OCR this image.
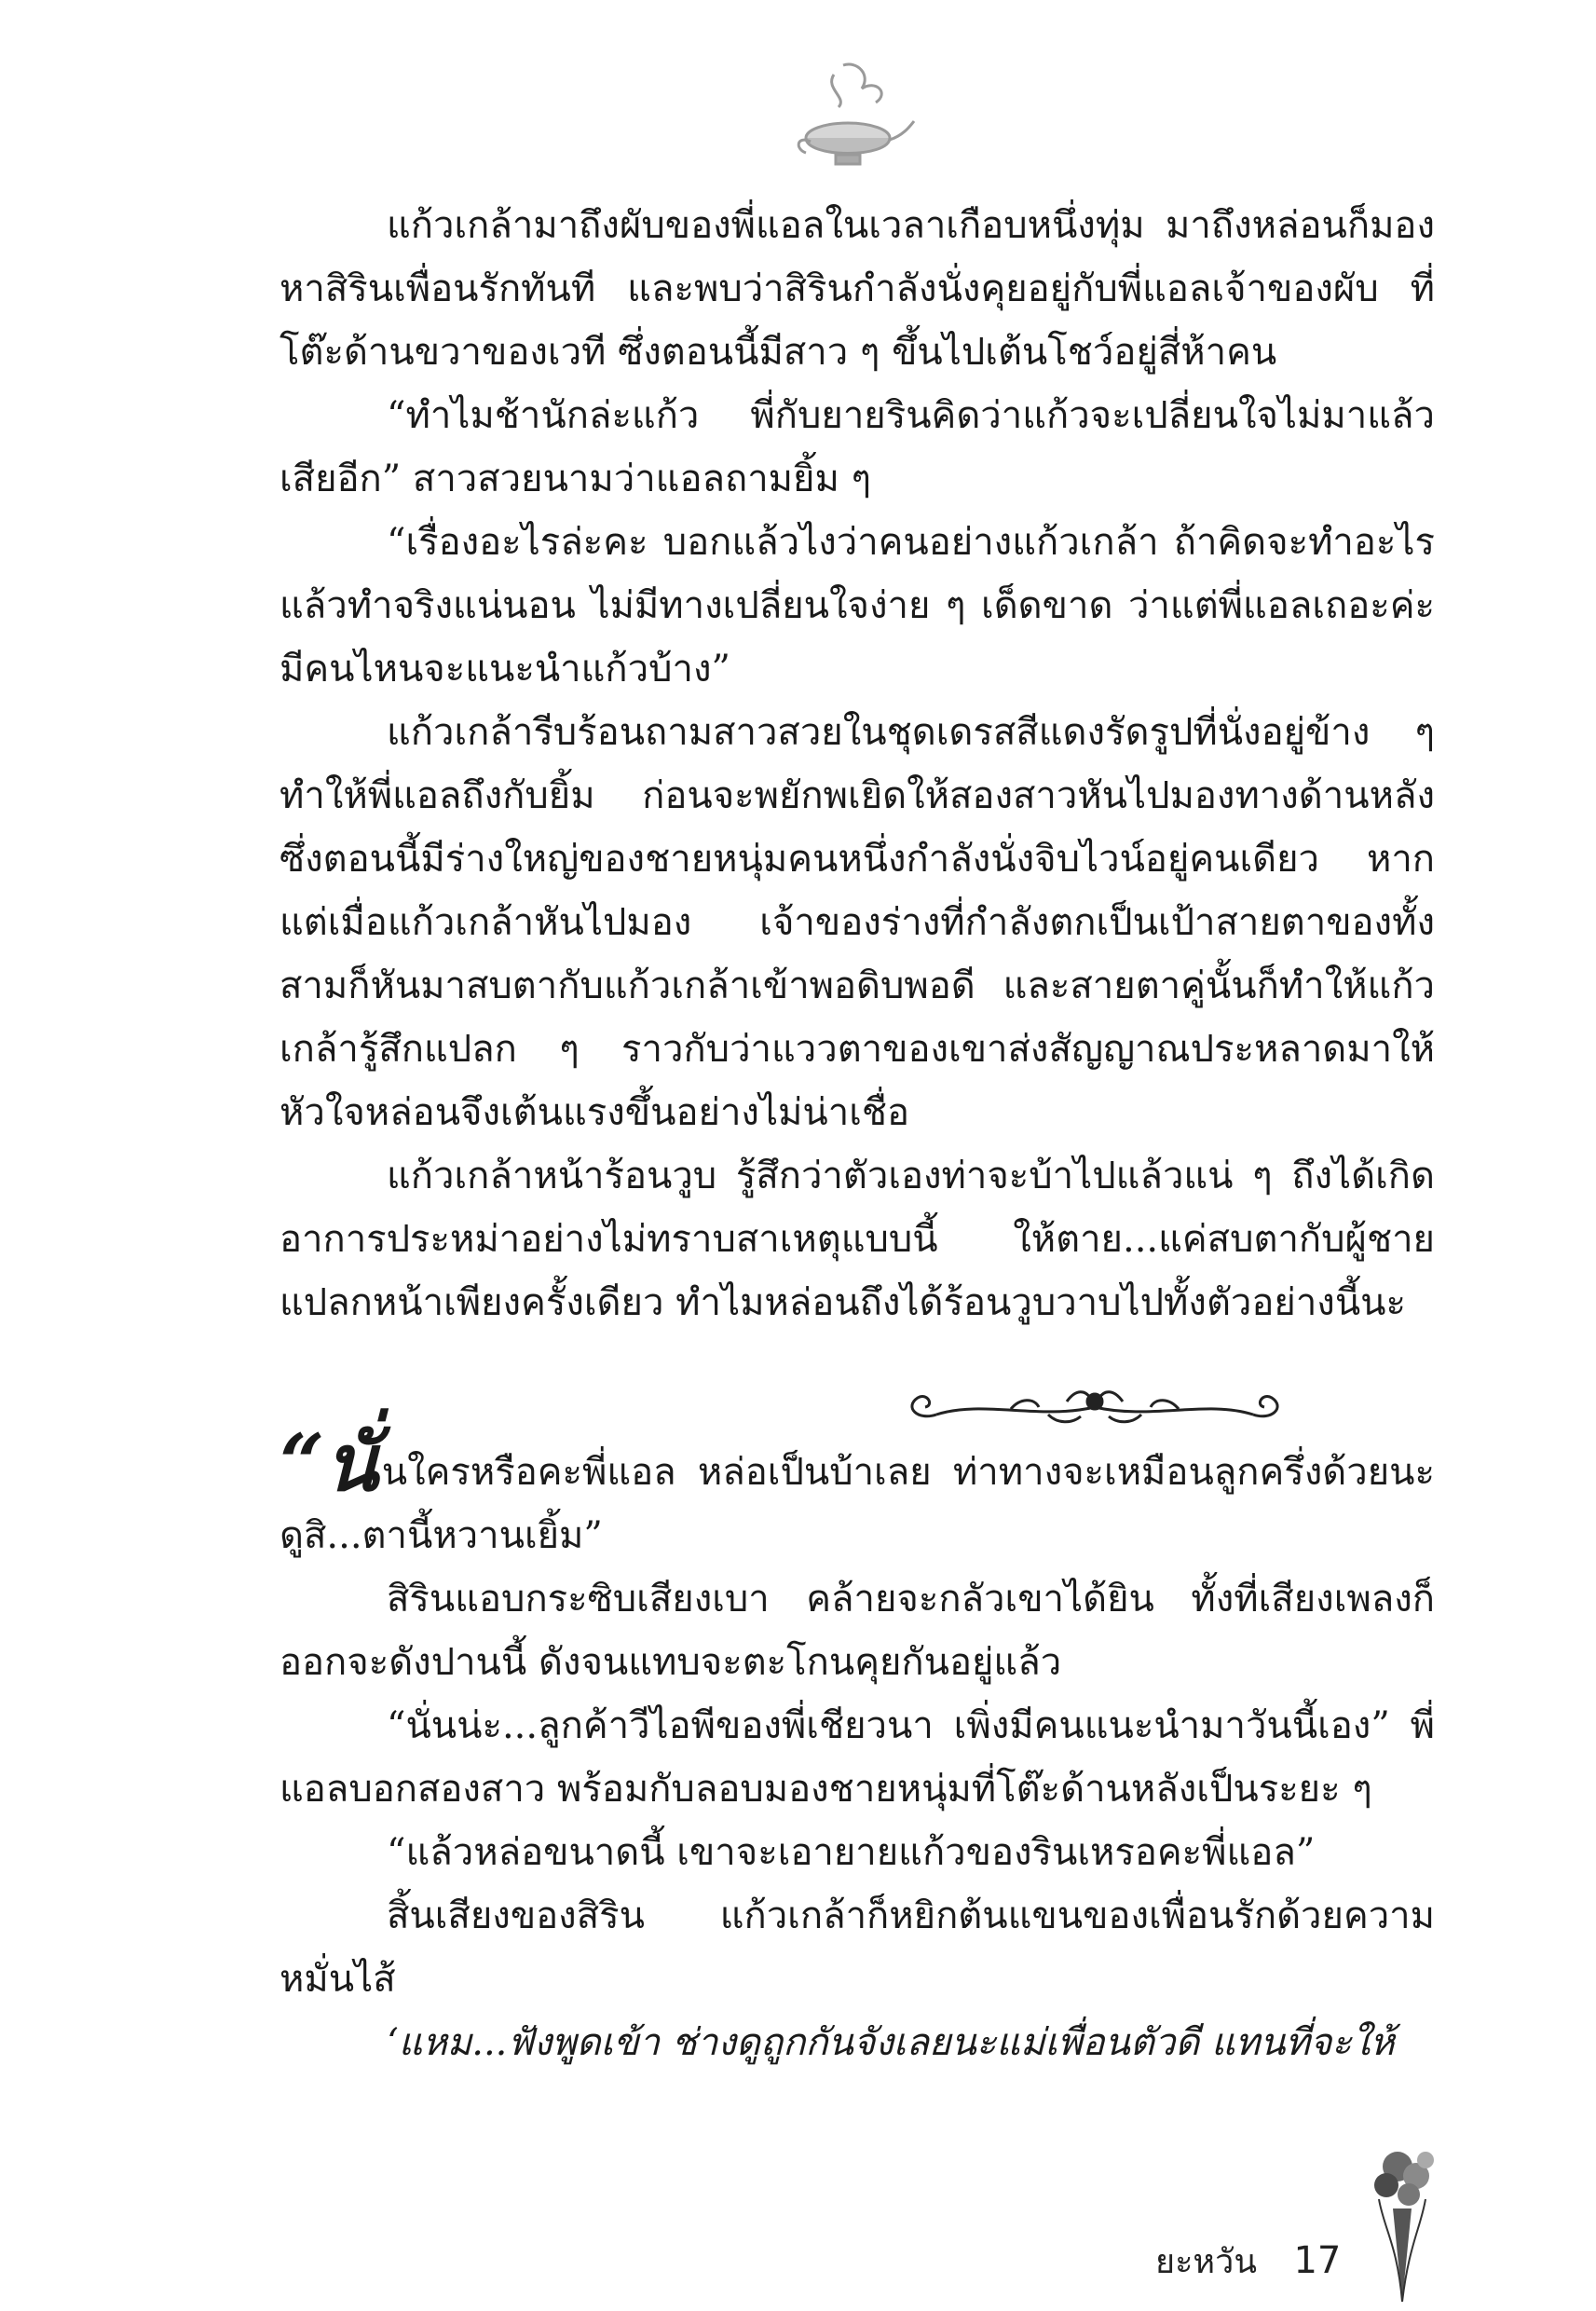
แก้วเกล้ามาถึงผับของพี่แอลในเวลาเกือบหนึ่งทุ่ม มาถึงหล่อนก็มองหาสิรินเพื่อนรักทันที และพบว่าสิรินกำลังนั่งคุยอยู่กับพี่แอลเจ้าของผับ ที่โต๊ะด้านขวาของเวที ซึ่งตอนนี้มีสาว ๆ ขึ้นไปเต้นโชว์อยู่สี่ห้าคน

“ทำไมช้านักล่ะแก้ว พี่กับยายรินคิดว่าแก้วจะเปลี่ยนใจไม่มาแล้วเสียอีก” สาวสวยนามว่าแอลถามยิ้ม ๆ

“เรื่องอะไรล่ะคะ บอกแล้วไงว่าคนอย่างแก้วเกล้า ถ้าคิดจะทำอะไรแล้วทำจริงแน่นอน ไม่มีทางเปลี่ยนใจง่าย ๆ เด็ดขาด ว่าแต่พี่แอลเถอะค่ะ มีคนไหนจะแนะนำแก้วบ้าง”

แก้วเกล้ารีบร้อนถามสาวสวยในชุดเดรสสีแดงรัดรูปที่นั่งอยู่ข้าง ๆ ทำให้พี่แอลถึงกับยิ้ม ก่อนจะพยักพเยิดให้สองสาวหันไปมองทางด้านหลัง ซึ่งตอนนี้มีร่างใหญ่ของชายหนุ่มคนหนึ่งกำลังนั่งจิบไวน์อยู่คนเดียว หากแต่เมื่อแก้วเกล้าหันไปมอง เจ้าของร่างที่กำลังตกเป็นเป้าสายตาของทั้งสามก็หันมาสบตากับแก้วเกล้าเข้าพอดิบพอดี และสายตาคู่นั้นก็ทำให้แก้วเกล้ารู้สึกแปลก ๆ ราวกับว่าแววตาของเขาส่งสัญญาณประหลาดมาให้ หัวใจหล่อนจึงเต้นแรงขึ้นอย่างไม่น่าเชื่อ

แก้วเกล้าหน้าร้อนวูบ รู้สึกว่าตัวเองท่าจะบ้าไปแล้วแน่ ๆ ถึงได้เกิดอาการประหม่าอย่างไม่ทราบสาเหตุแบบนี้ ให้ตาย...แค่สบตากับผู้ชายแปลกหน้าเพียงครั้งเดียว ทำไมหล่อนถึงได้ร้อนวูบวาบไปทั้งตัวอย่างนี้นะ

“นั่นใครหรือคะพี่แอล หล่อเป็นบ้าเลย ท่าทางจะเหมือนลูกครึ่งด้วยนะ ดูสิ...ตานี้หวานเยิ้ม”

สิรินแอบกระซิบเสียงเบา คล้ายจะกลัวเขาได้ยิน ทั้งที่เสียงเพลงก็ออกจะดังปานนี้ ดังจนแทบจะตะโกนคุยกันอยู่แล้ว

“นั่นน่ะ...ลูกค้าวีไอพีของพี่เชียวนา เพิ่งมีคนแนะนำมาวันนี้เอง” พี่แอลบอกสองสาว พร้อมกับลอบมองชายหนุ่มที่โต๊ะด้านหลังเป็นระยะ ๆ

“แล้วหล่อขนาดนี้ เขาจะเอายายแก้วของรินเหรอคะพี่แอล”

สิ้นเสียงของสิริน แก้วเกล้าก็หยิกต้นแขนของเพื่อนรักด้วยความหมั่นไส้

‘แหม...ฟังพูดเข้า ช่างดูถูกกันจังเลยนะแม่เพื่อนตัวดี แทนที่จะให้

ยะหวัน 17
